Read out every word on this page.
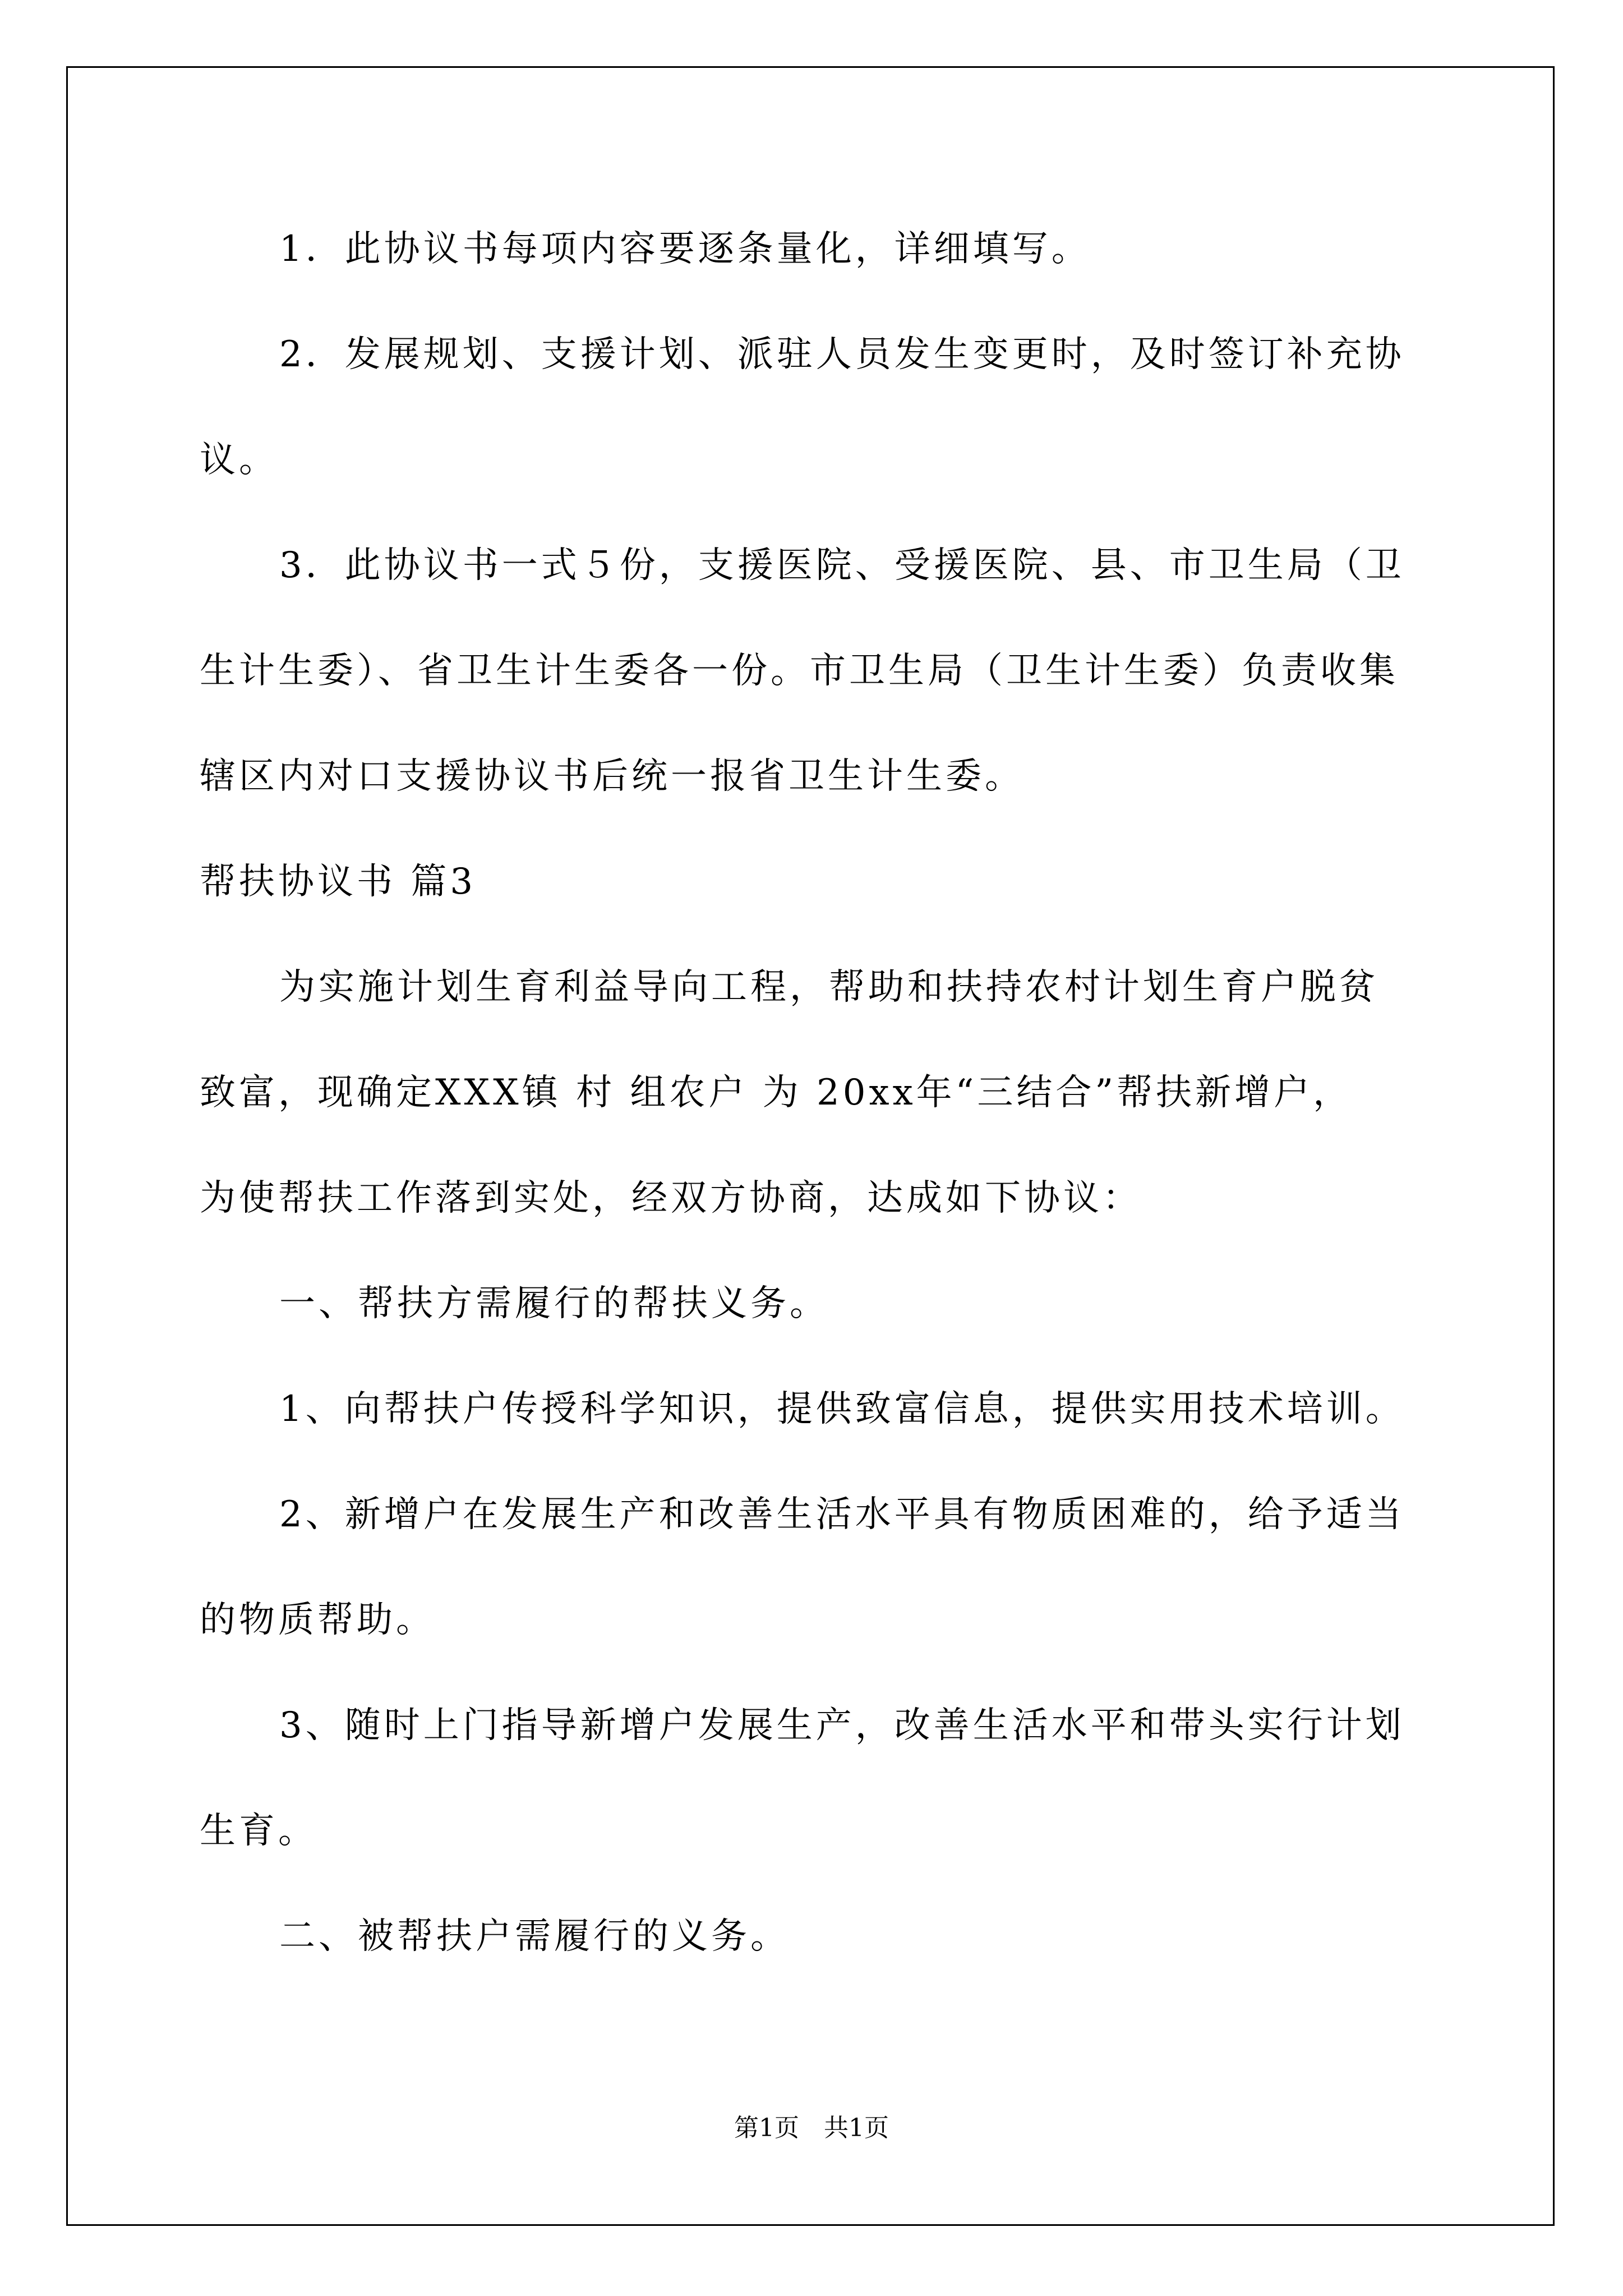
1．此协议书每项内容要逐条量化，详细填写。
2．发展规划、支援计划、派驻人员发生变更时，及时签订补充协
议。
3．此协议书一式５份，支援医院、受援医院、县、市卫生局（卫
生计生委）、省卫生计生委各一份。市卫生局（卫生计生委）负责收集
辖区内对口支援协议书后统一报省卫生计生委。
帮扶协议书 篇3
为实施计划生育利益导向工程，帮助和扶持农村计划生育户脱贫
致富，现确定XXX镇 村 组农户 为 20xx年“三结合”帮扶新增户，
为使帮扶工作落到实处，经双方协商，达成如下协议：
一、帮扶方需履行的帮扶义务。
1、向帮扶户传授科学知识，提供致富信息，提供实用技术培训。
2、新增户在发展生产和改善生活水平具有物质困难的，给予适当
的物质帮助。
3、随时上门指导新增户发展生产，改善生活水平和带头实行计划
生育。
二、被帮扶户需履行的义务。
第1页　共1页
